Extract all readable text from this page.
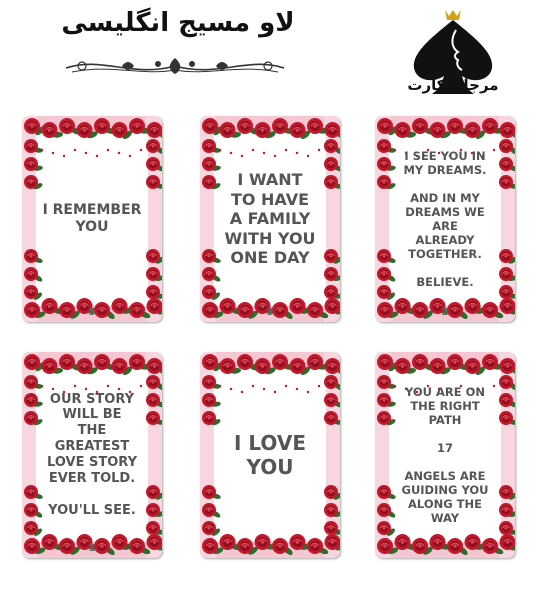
لاو مسیج انگلیسی
مرجان کارت
I REMEMBER
YOU
5
I WANT
TO HAVE
A FAMILY
WITH YOU
ONE DAY
3
I SEE YOU IN
MY DREAMS.

AND IN MY
DREAMS WE
ARE
ALREADY
TOGETHER.

BELIEVE.
2
OUR STORY
WILL BE
THE
GREATEST
LOVE STORY
EVER TOLD.

YOU'LL SEE.
1
I LOVE
YOU
YOU ARE ON
THE RIGHT
PATH

17

ANGELS ARE
GUIDING YOU
ALONG THE WAY
